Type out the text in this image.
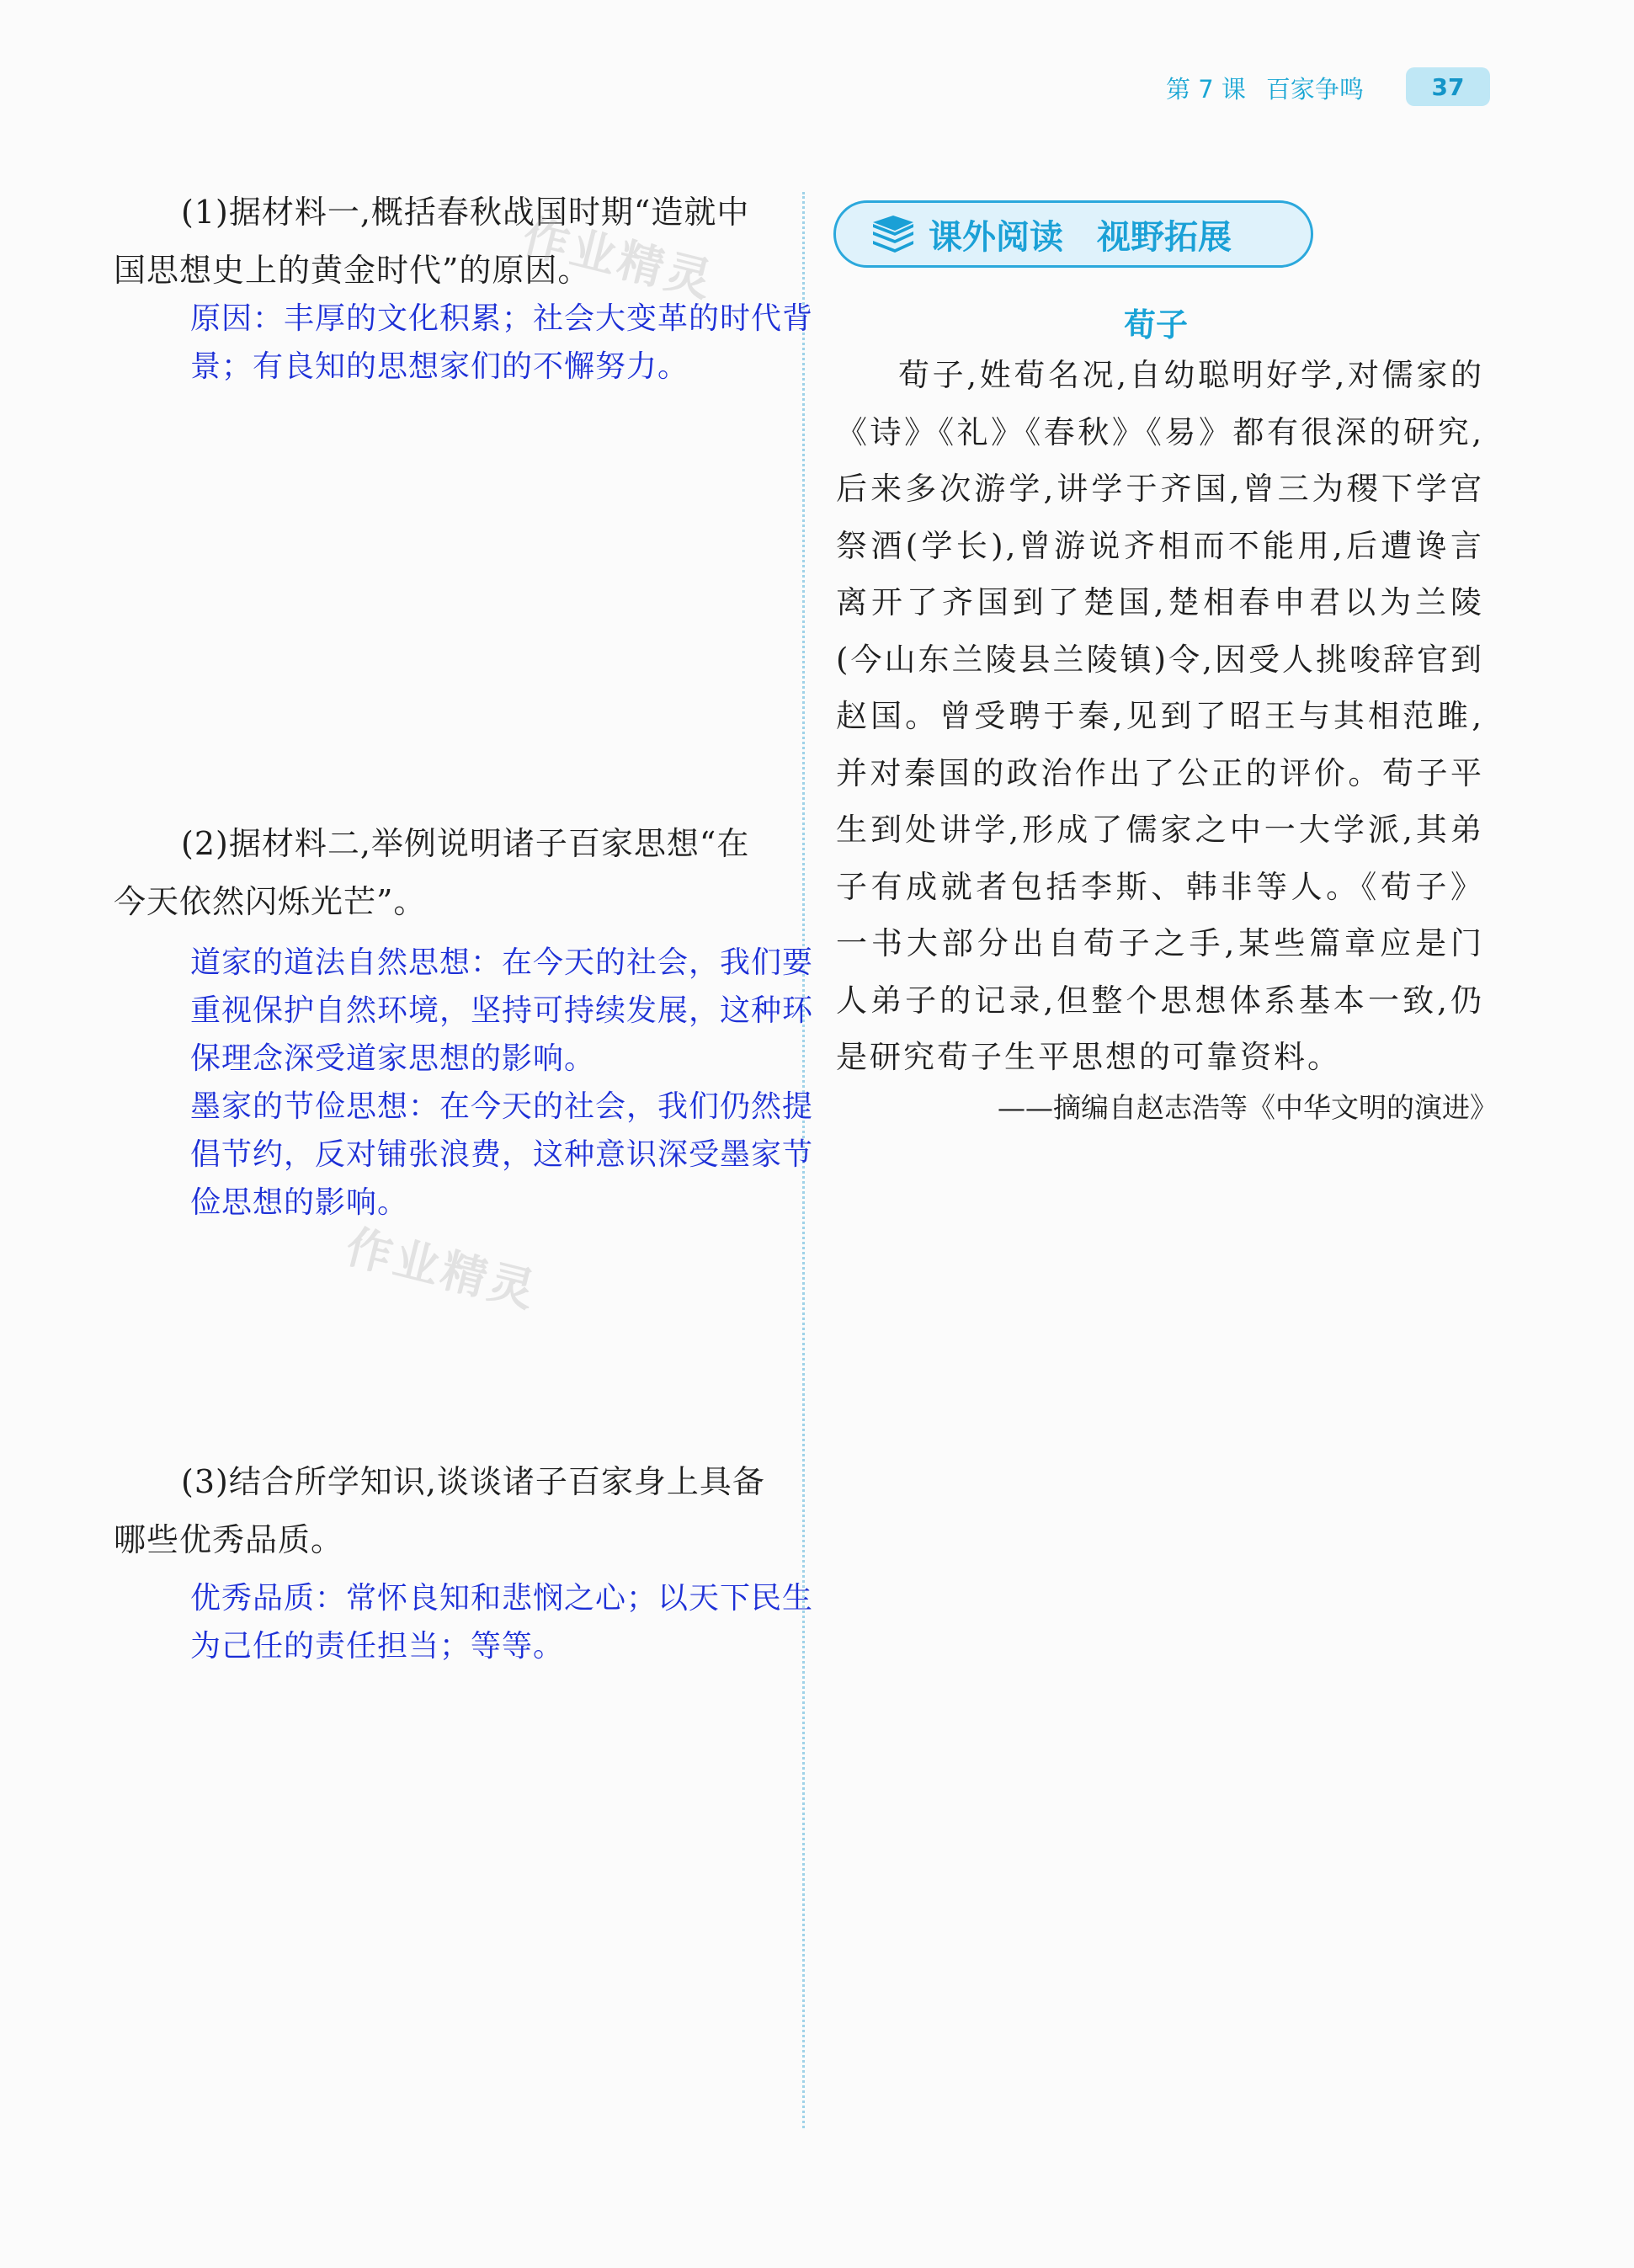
第 7 课 百家争鸣	37
(1)据材料一,概括春秋战国时期“造就中国思想史上的黄金时代”的原因。

原因：丰厚的文化积累；社会大变革的时代背景；有良知的思想家们的不懈努力。

(2)据材料二,举例说明诸子百家思想“在今天依然闪烁光芒”。

道家的道法自然思想：在今天的社会，我们要重视保护自然环境，坚持可持续发展，这种环保理念深受道家思想的影响。

墨家的节俭思想：在今天的社会，我们仍然提倡节约，反对铺张浪费，这种意识深受墨家节俭思想的影响。

(3)结合所学知识,谈谈诸子百家身上具备哪些优秀品质。

优秀品质：常怀良知和悲悯之心；以天下民生为己任的责任担当；等等。

作业精灵
作业精灵
课外阅读　视野拓展
荀子
荀子,姓荀名况,自幼聪明好学,对儒家的《诗》《礼》《春秋》《易》都有很深的研究,后来多次游学,讲学于齐国,曾三为稷下学宫祭酒(学长),曾游说齐相而不能用,后遭谗言离开了齐国到了楚国,楚相春申君以为兰陵(今山东兰陵县兰陵镇)令,因受人挑唆辞官到赵国。曾受聘于秦,见到了昭王与其相范雎,并对秦国的政治作出了公正的评价。荀子平生到处讲学,形成了儒家之中一大学派,其弟子有成就者包括李斯、韩非等人。《荀子》一书大部分出自荀子之手,某些篇章应是门人弟子的记录,但整个思想体系基本一致,仍是研究荀子生平思想的可靠资料。
——摘编自赵志浩等《中华文明的演进》
